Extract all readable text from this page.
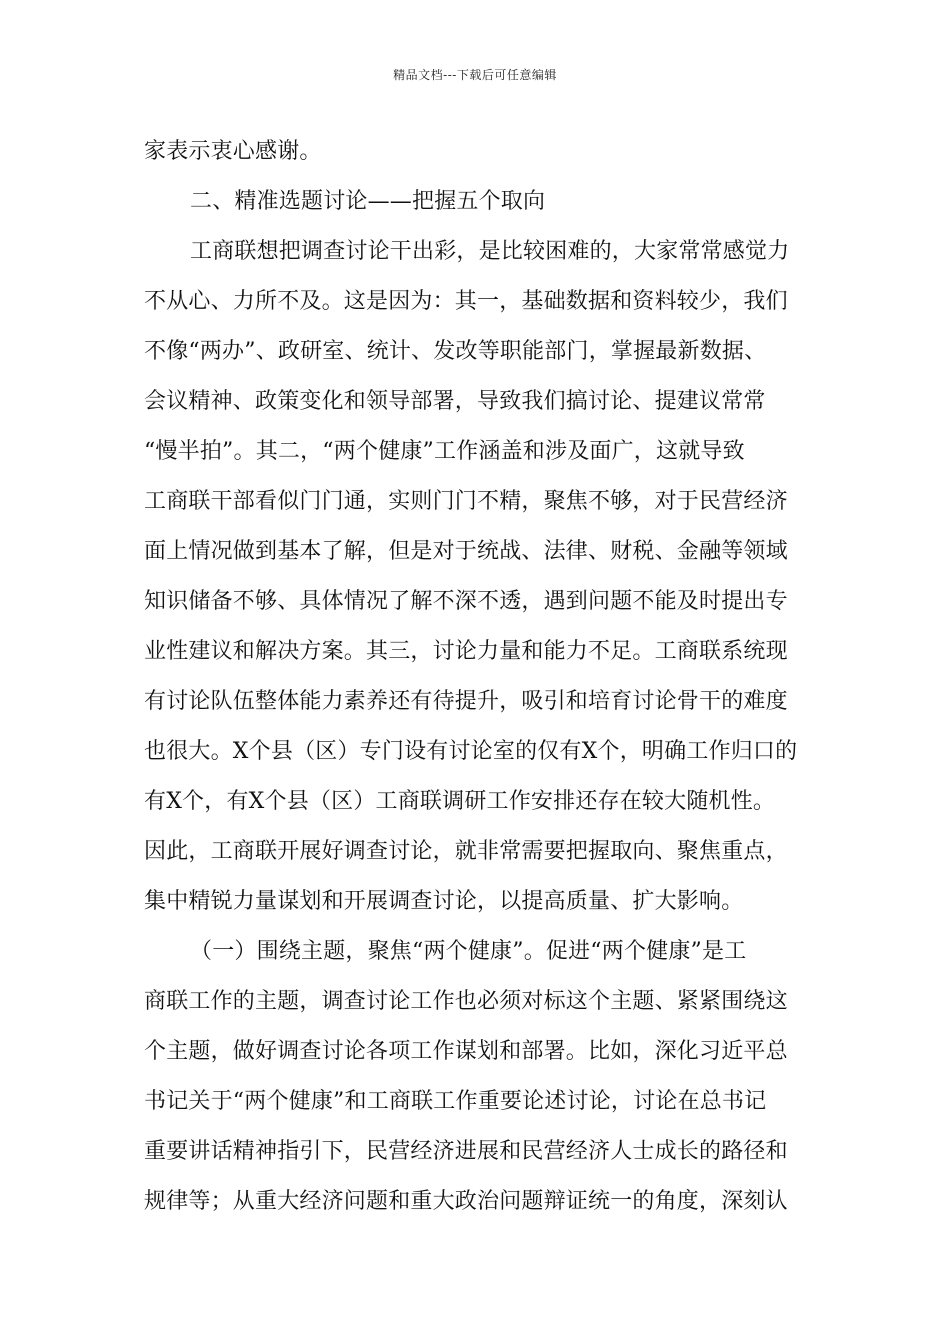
精品文档---下载后可任意编辑
家表示衷心感谢。
二、精准选题讨论——把握五个取向
工商联想把调查讨论干出彩，是比较困难的，大家常常感觉力
不从心、力所不及。这是因为：其一，基础数据和资料较少，我们
不像“两办”、政研室、统计、发改等职能部门，掌握最新数据、
会议精神、政策变化和领导部署，导致我们搞讨论、提建议常常
“慢半拍”。其二，“两个健康”工作涵盖和涉及面广，这就导致
工商联干部看似门门通，实则门门不精，聚焦不够，对于民营经济
面上情况做到基本了解，但是对于统战、法律、财税、金融等领域
知识储备不够、具体情况了解不深不透，遇到问题不能及时提出专
业性建议和解决方案。其三，讨论力量和能力不足。工商联系统现
有讨论队伍整体能力素养还有待提升，吸引和培育讨论骨干的难度
也很大。X个县（区）专门设有讨论室的仅有X个，明确工作归口的
有X个，有X个县（区）工商联调研工作安排还存在较大随机性。
因此，工商联开展好调查讨论，就非常需要把握取向、聚焦重点，
集中精锐力量谋划和开展调查讨论，以提高质量、扩大影响。
（一）围绕主题，聚焦“两个健康”。促进“两个健康”是工
商联工作的主题，调查讨论工作也必须对标这个主题、紧紧围绕这
个主题，做好调查讨论各项工作谋划和部署。比如，深化习近平总
书记关于“两个健康”和工商联工作重要论述讨论，讨论在总书记
重要讲话精神指引下，民营经济进展和民营经济人士成长的路径和
规律等；从重大经济问题和重大政治问题辩证统一的角度，深刻认
